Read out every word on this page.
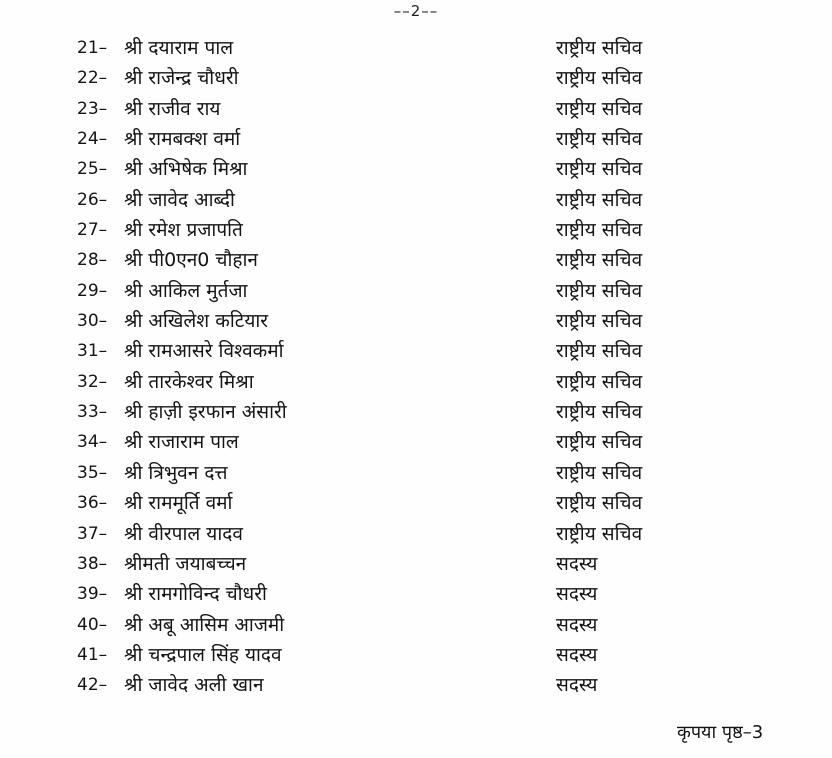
––2––
21– श्री दयाराम पाल	राष्ट्रीय सचिव
22– श्री राजेन्द्र चौधरी	राष्ट्रीय सचिव
23– श्री राजीव राय	राष्ट्रीय सचिव
24– श्री रामबक्श वर्मा	राष्ट्रीय सचिव
25– श्री अभिषेक मिश्रा	राष्ट्रीय सचिव
26– श्री जावेद आब्दी	राष्ट्रीय सचिव
27– श्री रमेश प्रजापति	राष्ट्रीय सचिव
28– श्री पी0एन0 चौहान	राष्ट्रीय सचिव
29– श्री आकिल मुर्तजा	राष्ट्रीय सचिव
30– श्री अखिलेश कटियार	राष्ट्रीय सचिव
31– श्री रामआसरे विश्वकर्मा	राष्ट्रीय सचिव
32– श्री तारकेश्वर मिश्रा	राष्ट्रीय सचिव
33– श्री हाज़ी इरफान अंसारी	राष्ट्रीय सचिव
34– श्री राजाराम पाल	राष्ट्रीय सचिव
35– श्री त्रिभुवन दत्त	राष्ट्रीय सचिव
36– श्री राममूर्ति वर्मा	राष्ट्रीय सचिव
37– श्री वीरपाल यादव	राष्ट्रीय सचिव
38– श्रीमती जयाबच्चन	सदस्य
39– श्री रामगोविन्द चौधरी	सदस्य
40– श्री अबू आसिम आजमी	सदस्य
41– श्री चन्द्रपाल सिंह यादव	सदस्य
42– श्री जावेद अली खान	सदस्य
कृपया पृष्ठ–3
